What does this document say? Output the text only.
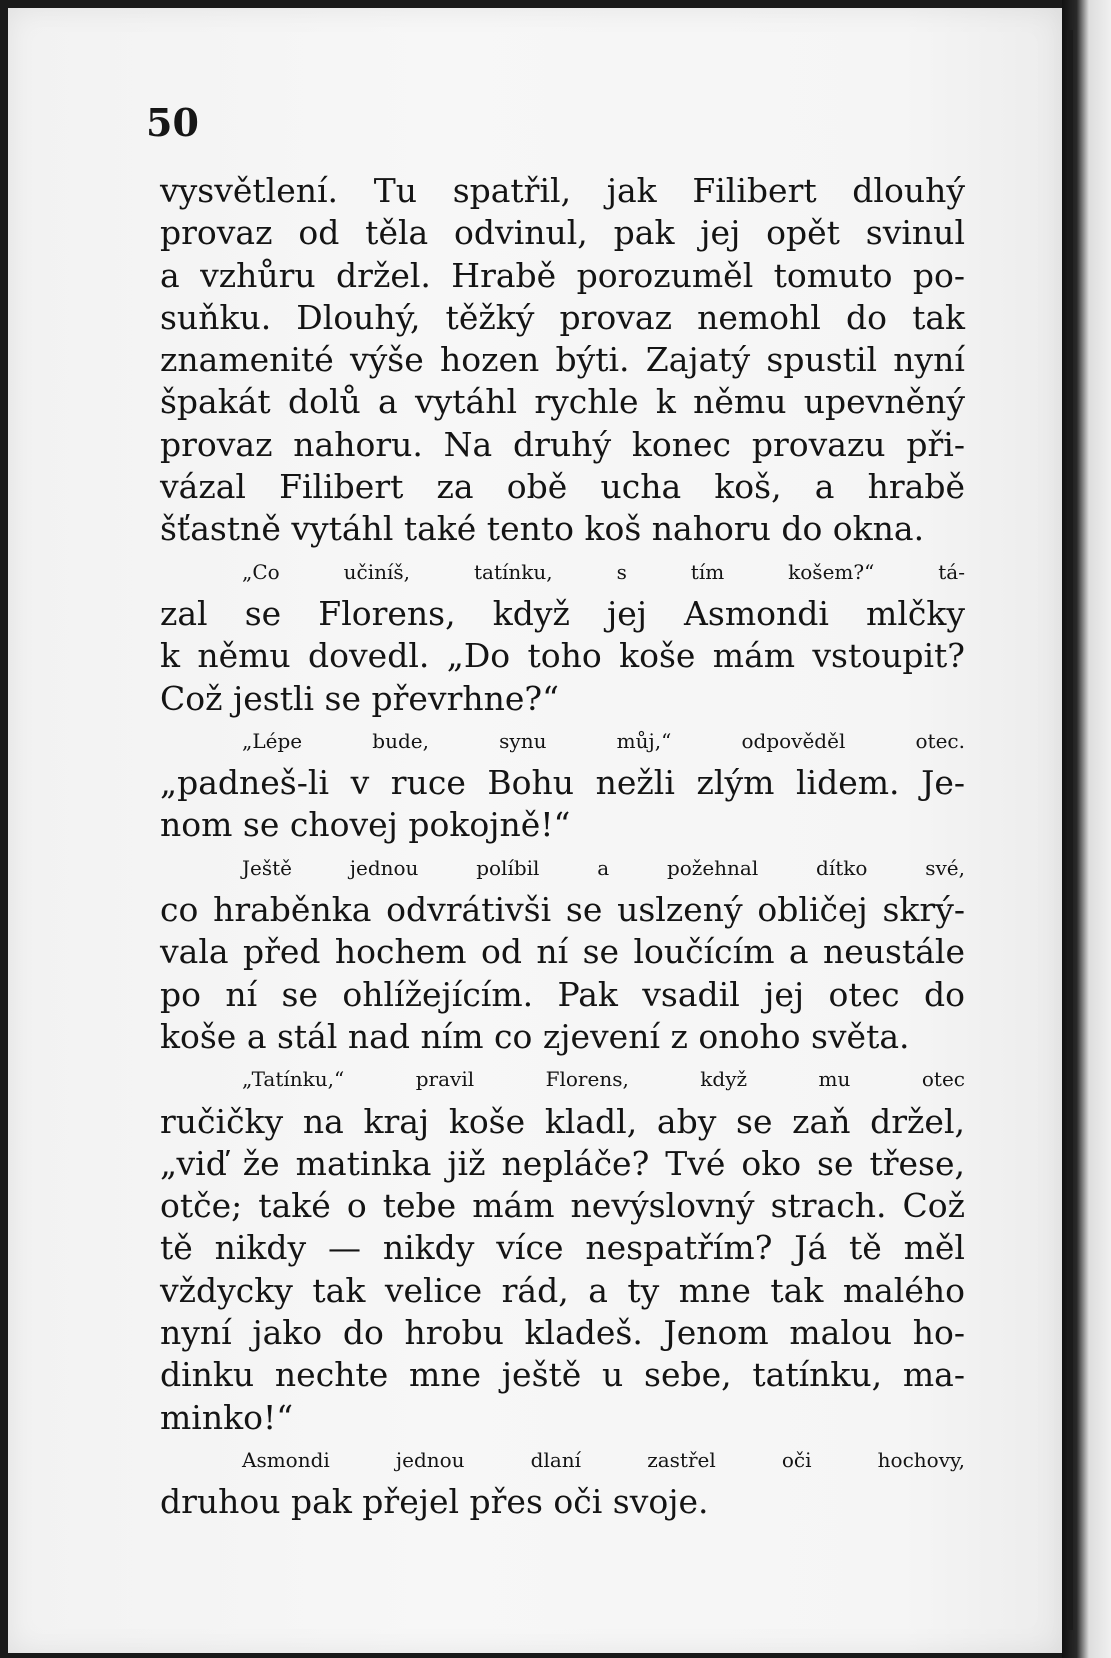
50
vysvětlení. Tu spatřil, jak Filibert dlouhý
provaz od těla odvinul, pak jej opět svinul
a vzhůru držel. Hrabě porozuměl tomuto po-
suňku. Dlouhý, těžký provaz nemohl do tak
znamenité výše hozen býti. Zajatý spustil nyní
špakát dolů a vytáhl rychle k němu upevněný
provaz nahoru. Na druhý konec provazu při-
vázal Filibert za obě ucha koš, a hrabě
šťastně vytáhl také tento koš nahoru do okna.
„Co učiníš, tatínku, s tím košem?“ tá-
zal se Florens, když jej Asmondi mlčky
k němu dovedl. „Do toho koše mám vstoupit?
Což jestli se převrhne?“
„Lépe bude, synu můj,“ odpověděl otec.
„padneš-li v ruce Bohu nežli zlým lidem. Je-
nom se chovej pokojně!“
Ještě jednou políbil a požehnal dítko své,
co hraběnka odvrátivši se uslzený obličej skrý-
vala před hochem od ní se loučícím a neustále
po ní se ohlížejícím. Pak vsadil jej otec do
koše a stál nad ním co zjevení z onoho světa.
„Tatínku,“ pravil Florens, když mu otec
ručičky na kraj koše kladl, aby se zaň držel,
„viď že matinka již nepláče? Tvé oko se třese,
otče; také o tebe mám nevýslovný strach. Což
tě nikdy — nikdy více nespatřím? Já tě měl
vždycky tak velice rád, a ty mne tak malého
nyní jako do hrobu kladeš. Jenom malou ho-
dinku nechte mne ještě u sebe, tatínku, ma-
minko!“
Asmondi jednou dlaní zastřel oči hochovy,
druhou pak přejel přes oči svoje.
